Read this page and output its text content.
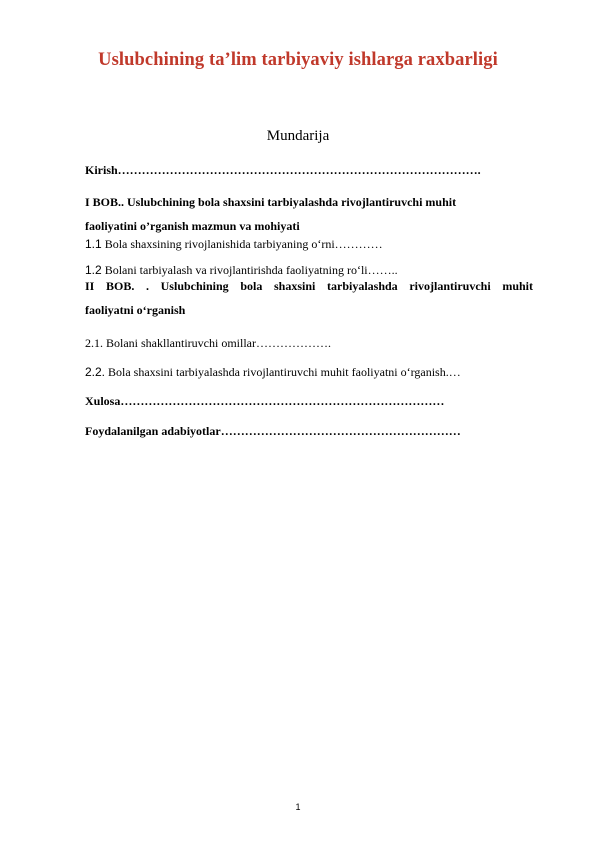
Uslubchining ta’lim tarbiyaviy ishlarga raxbarligi
Mundarija
Kirish……………………………………………………………………………….
I BOB.. Uslubchining bola shaxsini tarbiyalashda rivojlantiruvchi muhit
faoliyatini o’rganish mazmun va mohiyati
1.1 Bola shaxsining rivojlanishida tarbiyaning o‘rni…………
1.2 Bolani tarbiyalash va rivojlantirishda faoliyatning ro‘li……..
II BOB. . Uslubchining bola shaxsini tarbiyalashda rivojlantiruvchi muhit
faoliyatni o‘rganish
2.1. Bolani shakllantiruvchi omillar……………….
2.2. Bola shaxsini tarbiyalashda rivojlantiruvchi muhit faoliyatni o‘rganish.…
Xulosa………………………………………………………………………
Foydalanilgan adabiyotlar……………………………………………………
1
